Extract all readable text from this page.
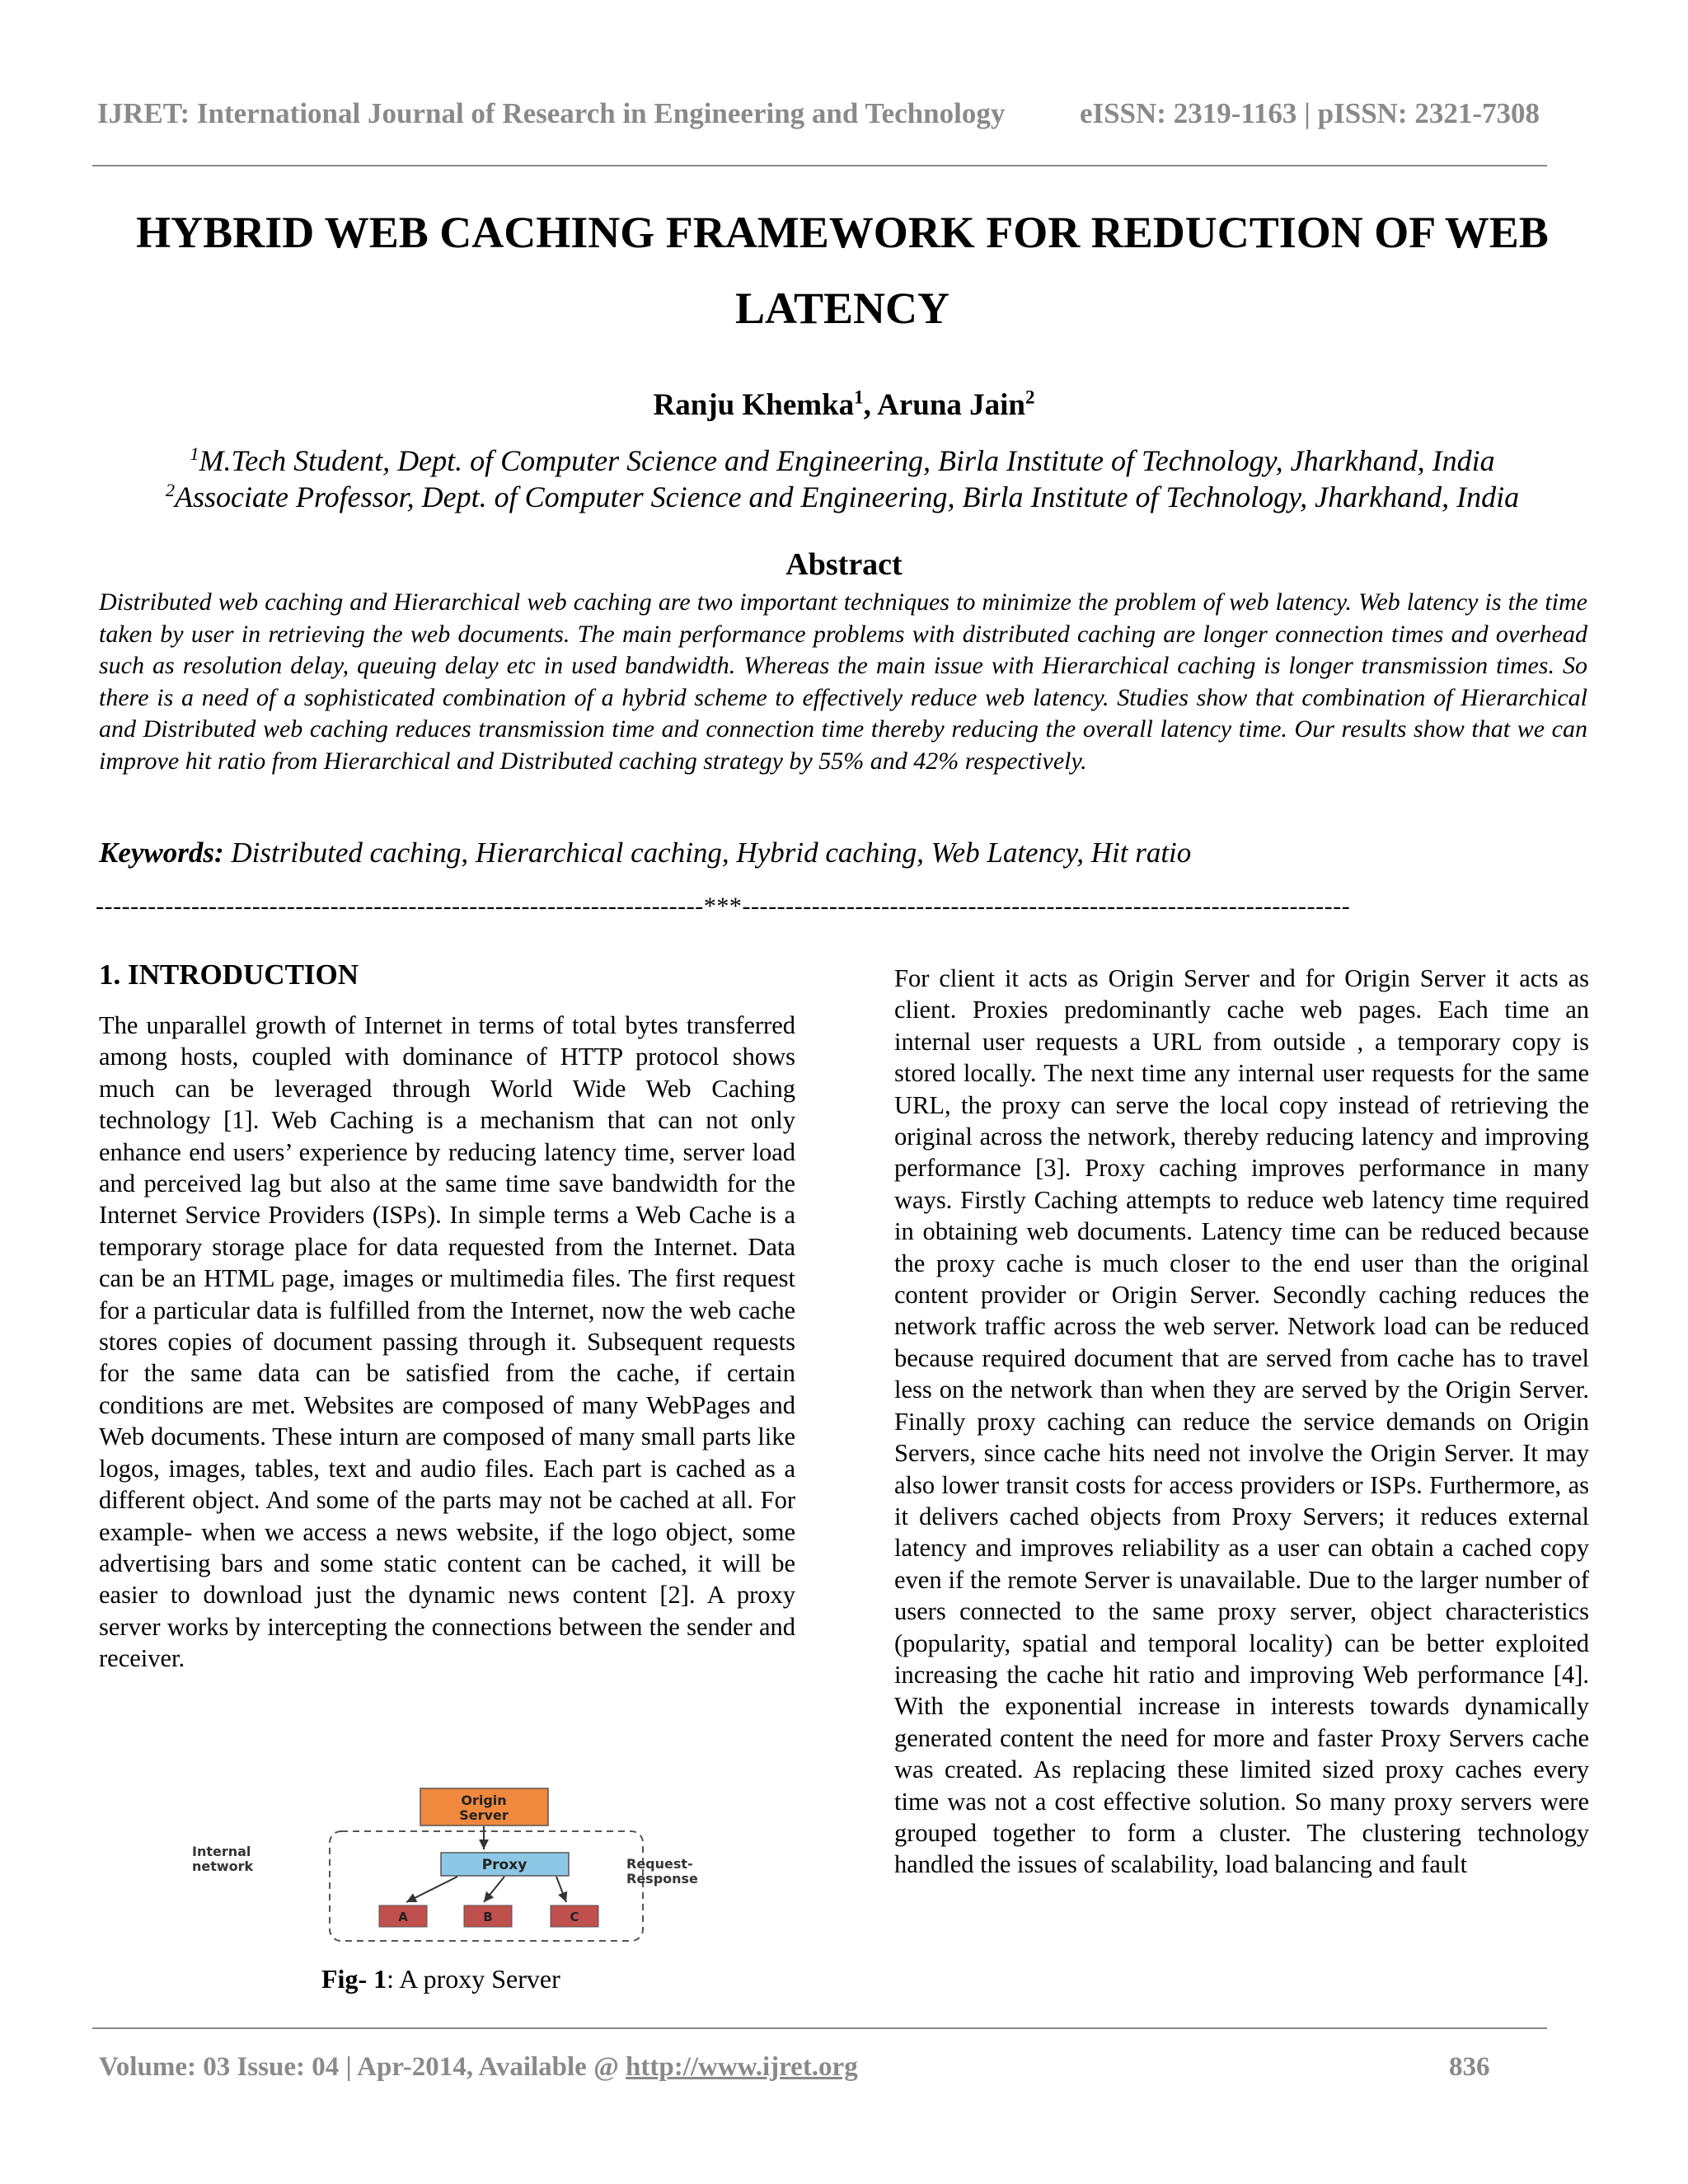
IJRET: International Journal of Research in Engineering and Technology	eISSN: 2319-1163 | pISSN: 2321-7308
HYBRID WEB CACHING FRAMEWORK FOR REDUCTION OF WEB LATENCY
Ranju Khemka$^1$, Aruna Jain$^2$
$^1$M.Tech Student, Dept. of Computer Science and Engineering, Birla Institute of Technology, Jharkhand, India
$^2$Associate Professor, Dept. of Computer Science and Engineering, Birla Institute of Technology, Jharkhand, India
Abstract
Distributed web caching and Hierarchical web caching are two important techniques to minimize the problem of web latency. Web latency is the time taken by user in retrieving the web documents. The main performance problems with distributed caching are longer connection times and overhead such as resolution delay, queuing delay etc in used bandwidth. Whereas the main issue with Hierarchical caching is longer transmission times. So there is a need of a sophisticated combination of a hybrid scheme to effectively reduce web latency. Studies show that combination of Hierarchical and Distributed web caching reduces transmission time and connection time thereby reducing the overall latency time. Our results show that we can improve hit ratio from Hierarchical and Distributed caching strategy by 55% and 42% respectively.
Keywords: Distributed caching, Hierarchical caching, Hybrid caching, Web Latency, Hit ratio
----------------------------------------------------------------------***----------------------------------------------------------------------
1. INTRODUCTION
The unparallel growth of Internet in terms of total bytes transferred among hosts, coupled with dominance of HTTP protocol shows much can be leveraged through World Wide Web Caching technology [1]. Web Caching is a mechanism that can not only enhance end users’ experience by reducing latency time, server load and perceived lag but also at the same time save bandwidth for the Internet Service Providers (ISPs). In simple terms a Web Cache is a temporary storage place for data requested from the Internet. Data can be an HTML page, images or multimedia files. The first request for a particular data is fulfilled from the Internet, now the web cache stores copies of document passing through it. Subsequent requests for the same data can be satisfied from the cache, if certain conditions are met. Websites are composed of many WebPages and Web documents. These inturn are composed of many small parts like logos, images, tables, text and audio files. Each part is cached as a different object. And some of the parts may not be cached at all. For example- when we access a news website, if the logo object, some advertising bars and some static content can be cached, it will be easier to download just the dynamic news content [2]. A proxy server works by intercepting the connections between the sender and receiver.
For client it acts as Origin Server and for Origin Server it acts as client. Proxies predominantly cache web pages. Each time an internal user requests a URL from outside , a temporary copy is stored locally. The next time any internal user requests for the same URL, the proxy can serve the local copy instead of retrieving the original across the network, thereby reducing latency and improving performance [3]. Proxy caching improves performance in many ways. Firstly Caching attempts to reduce web latency time required in obtaining web documents. Latency time can be reduced because the proxy cache is much closer to the end user than the original content provider or Origin Server. Secondly caching reduces the network traffic across the web server. Network load can be reduced because required document that are served from cache has to travel less on the network than when they are served by the Origin Server. Finally proxy caching can reduce the service demands on Origin Servers, since cache hits need not involve the Origin Server. It may also lower transit costs for access providers or ISPs. Furthermore, as it delivers cached objects from Proxy Servers; it reduces external latency and improves reliability as a user can obtain a cached copy even if the remote Server is unavailable. Due to the larger number of users connected to the same proxy server, object characteristics (popularity, spatial and temporal locality) can be better exploited increasing the cache hit ratio and improving Web performance [4]. With the exponential increase in interests towards dynamically generated content the need for more and faster Proxy Servers cache was created. As replacing these limited sized proxy caches every time was not a cost effective solution. So many proxy servers were grouped together to form a cluster. The clustering technology handled the issues of scalability, load balancing and fault
Origin
Server
Proxy
A	B	C
Internal
network	Request-
Response
Fig- 1: A proxy Server
Volume: 03 Issue: 04 | Apr-2014, Available @ http://www.ijret.org	836
